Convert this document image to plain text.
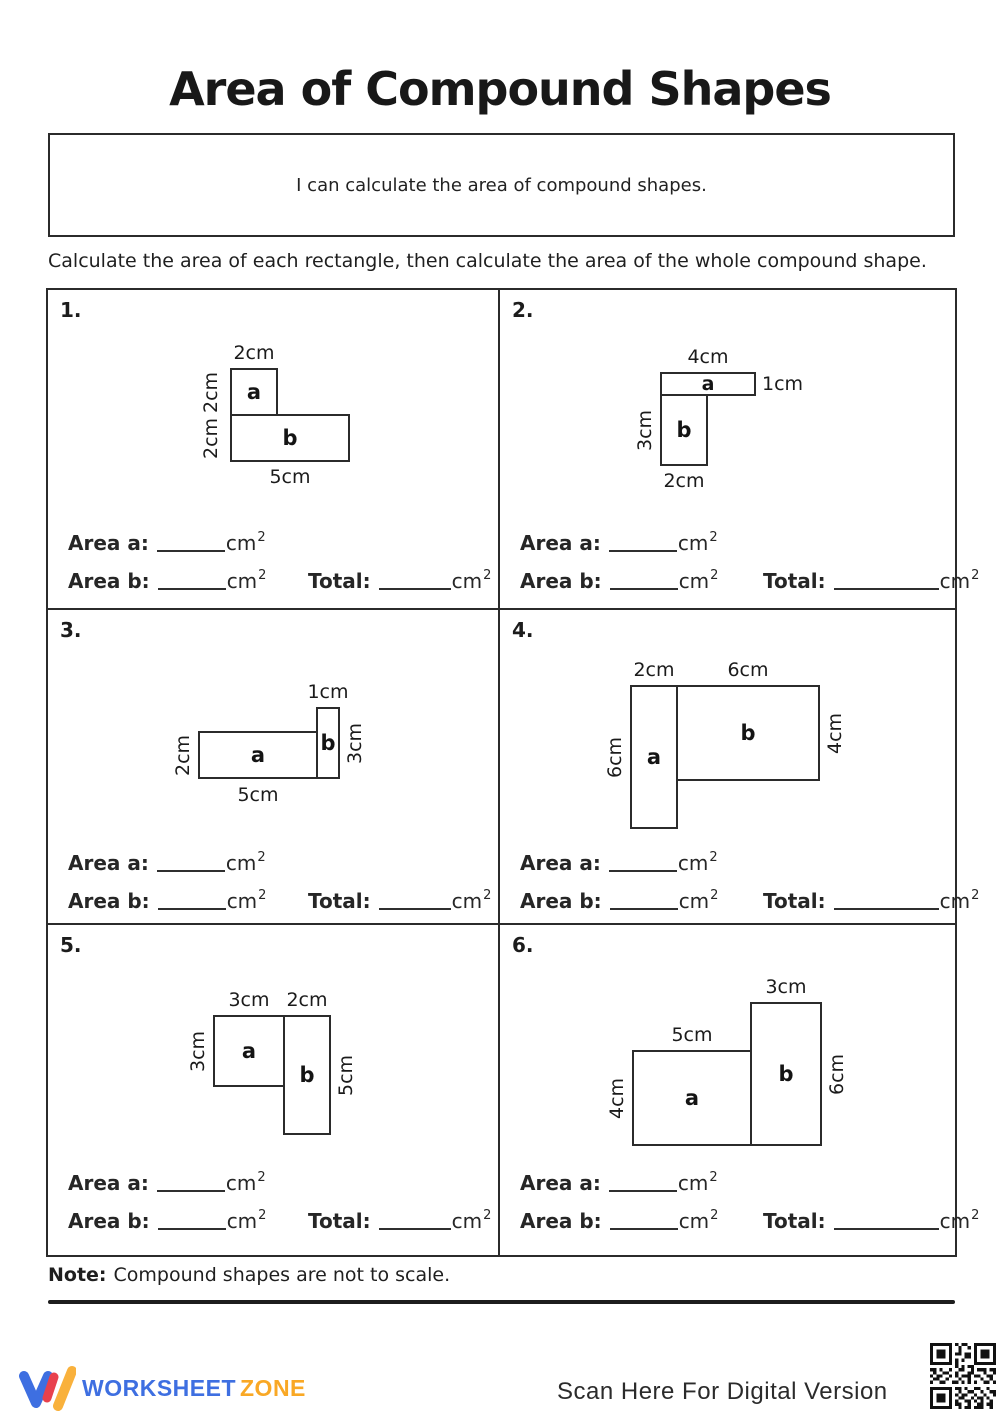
Area of Compound Shapes
I can calculate the area of compound shapes.
Calculate the area of each rectangle, then calculate the area of the whole compound shape.
1.
2cm
2cm
2cm
a
b
5cm
Area a:	$cm^2$
Area b:	$cm^2$ Total:	$cm^2$
2.
4cm
a	1cm
3cm b
2cm
Area a:	$cm^2$
Area b:	$cm^2$ Total:	$cm^2$
3.
1cm
b 3cm
2cm	a
5cm
Area a:	$cm^2$
Area b:	$cm^2$ Total:	$cm^2$
4.
2cm	6cm
6cm a
b	4cm
Area a:	$cm^2$
Area b:	$cm^2$ Total:	$cm^2$
5.
3cm 2cm
3cm a
b 5cm
Area a:	$cm^2$
Area b:	$cm^2$ Total:	$cm^2$
6.
3cm
5cm
b 6cm
4cm	a
Area a:	$cm^2$
Area b:	$cm^2$ Total:	$cm^2$
Note: Compound shapes are not to scale.
WORKSHEET ZONE	Scan Here For Digital Version
